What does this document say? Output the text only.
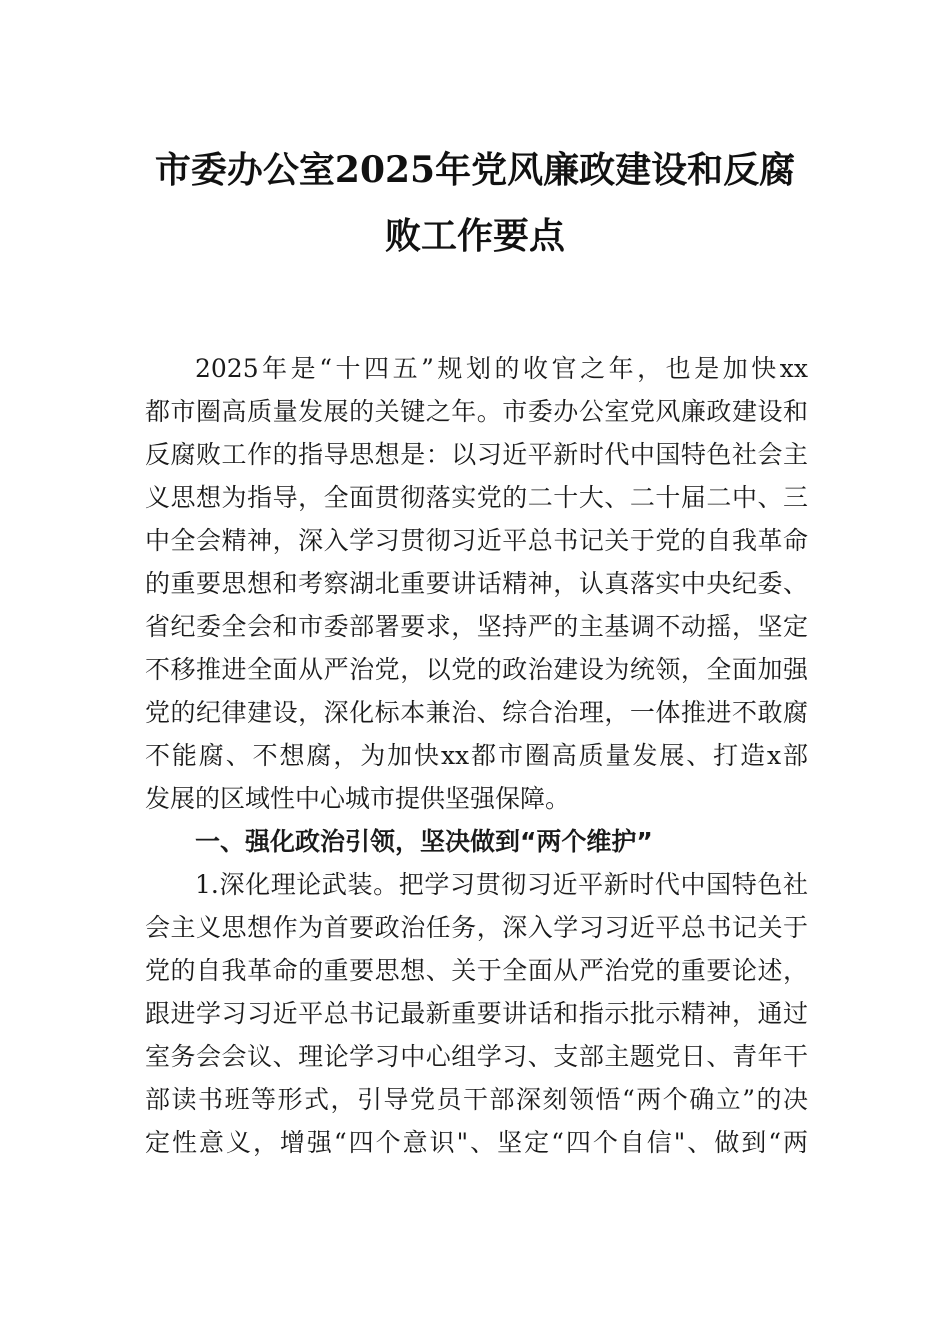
市委办公室2025年党风廉政建设和反腐
败工作要点
2025年是“十四五”规划的收官之年，也是加快xx
都市圈高质量发展的关键之年。市委办公室党风廉政建设和
反腐败工作的指导思想是：以习近平新时代中国特色社会主
义思想为指导，全面贯彻落实党的二十大、二十届二中、三
中全会精神，深入学习贯彻习近平总书记关于党的自我革命
的重要思想和考察湖北重要讲话精神，认真落实中央纪委、
省纪委全会和市委部署要求，坚持严的主基调不动摇，坚定
不移推进全面从严治党，以党的政治建设为统领，全面加强
党的纪律建设，深化标本兼治、综合治理，一体推进不敢腐
不能腐、不想腐，为加快xx都市圈高质量发展、打造x部
发展的区域性中心城市提供坚强保障。
一、强化政治引领，坚决做到“两个维护”
1.深化理论武装。把学习贯彻习近平新时代中国特色社
会主义思想作为首要政治任务，深入学习习近平总书记关于
党的自我革命的重要思想、关于全面从严治党的重要论述，
跟进学习习近平总书记最新重要讲话和指示批示精神，通过
室务会会议、理论学习中心组学习、支部主题党日、青年干
部读书班等形式，引导党员干部深刻领悟“两个确立”的决
定性意义，增强“四个意识"、坚定“四个自信"、做到“两
